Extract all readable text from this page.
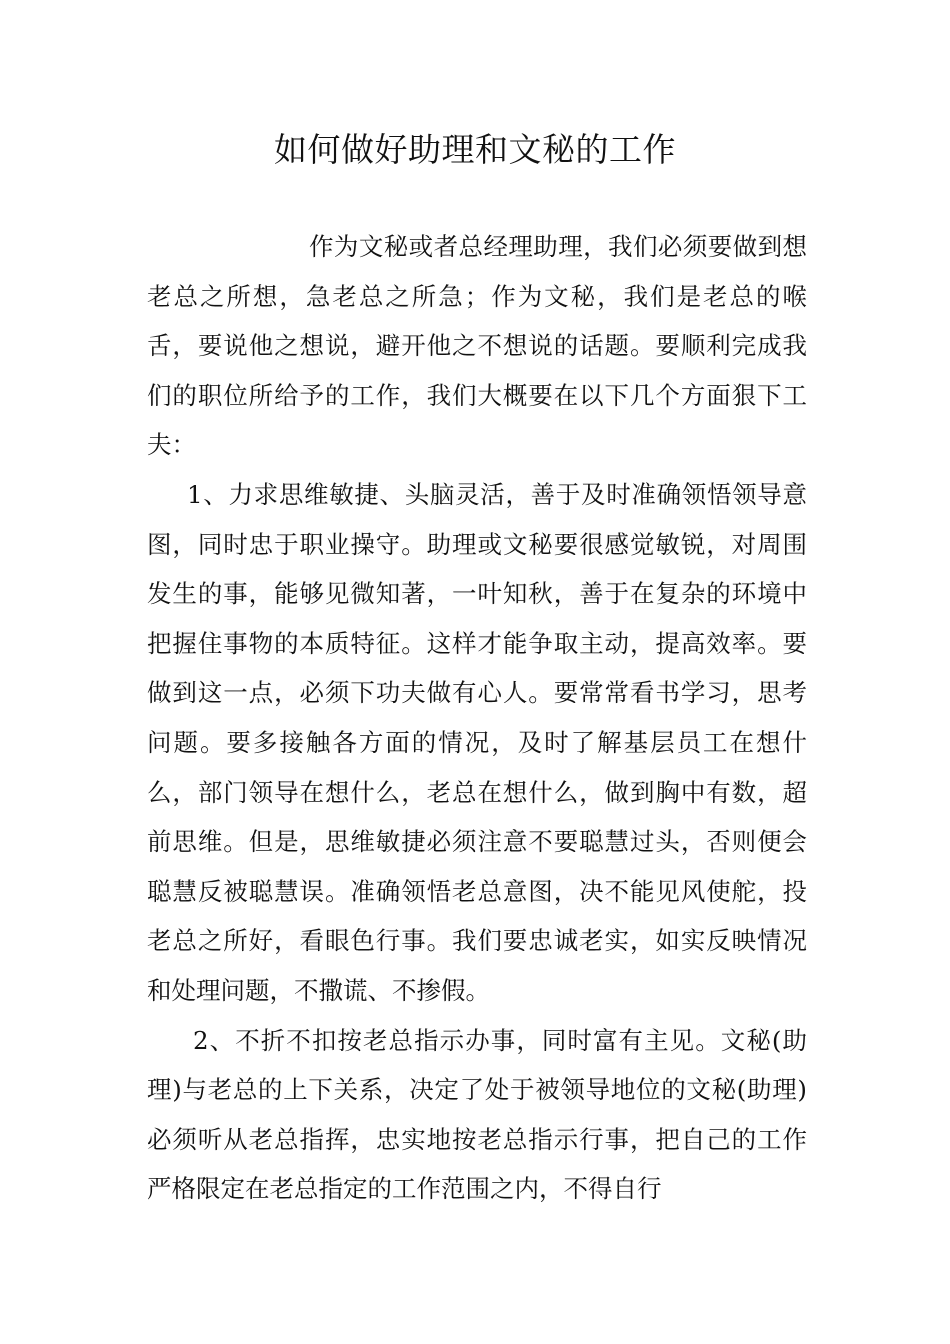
如何做好助理和文秘的工作

作为文秘或者总经理助理，我们必须要做到想老总之所想，急老总之所急；作为文秘，我们是老总的喉舌，要说他之想说，避开他之不想说的话题。要顺利完成我们的职位所给予的工作，我们大概要在以下几个方面狠下工夫：

1、力求思维敏捷、头脑灵活，善于及时准确领悟领导意图，同时忠于职业操守。助理或文秘要很感觉敏锐，对周围发生的事，能够见微知著，一叶知秋，善于在复杂的环境中把握住事物的本质特征。这样才能争取主动，提高效率。要做到这一点，必须下功夫做有心人。要常常看书学习，思考问题。要多接触各方面的情况，及时了解基层员工在想什么，部门领导在想什么，老总在想什么，做到胸中有数，超前思维。但是，思维敏捷必须注意不要聪慧过头，否则便会聪慧反被聪慧误。准确领悟老总意图，决不能见风使舵，投老总之所好，看眼色行事。我们要忠诚老实，如实反映情况和处理问题，不撒谎、不掺假。

2、不折不扣按老总指示办事，同时富有主见。文秘(助理)与老总的上下关系，决定了处于被领导地位的文秘(助理)必须听从老总指挥，忠实地按老总指示行事，把自己的工作严格限定在老总指定的工作范围之内，不得自行
